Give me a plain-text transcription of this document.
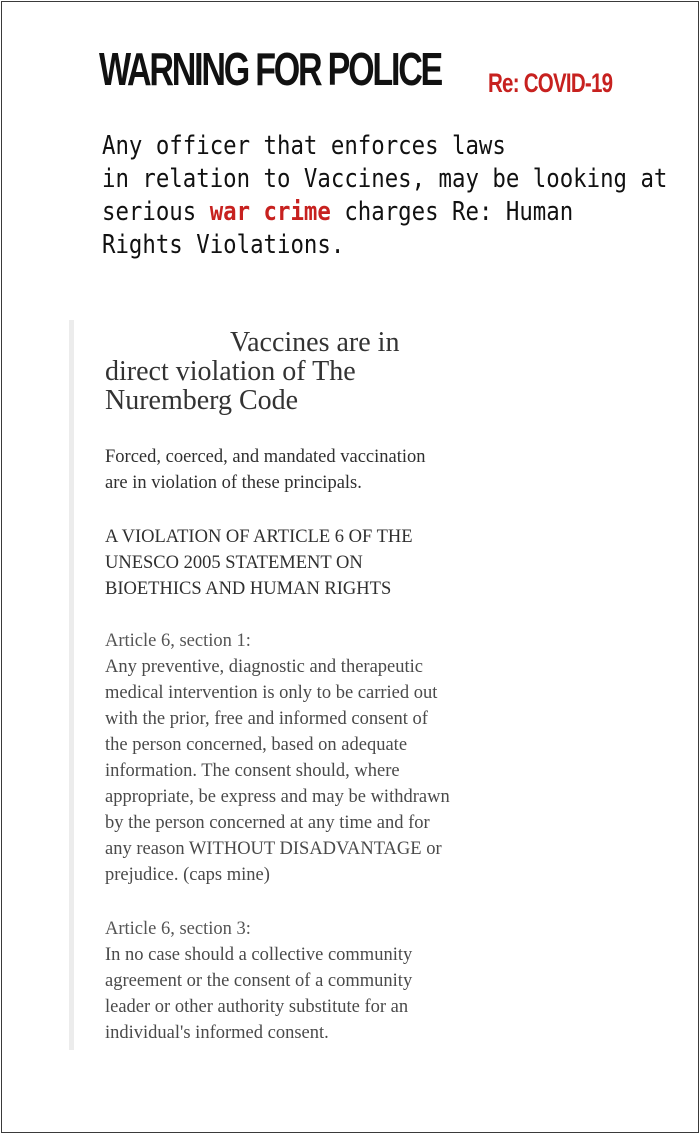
WARNING FOR POLICE Re: COVID-19
Any officer that enforces laws
in relation to Vaccines, may be looking at
serious war crime charges Re: Human
Rights Violations.
Vaccines are in
direct violation of The
Nuremberg Code
Forced, coerced, and mandated vaccination
are in violation of these principals.
A VIOLATION OF ARTICLE 6 OF THE
UNESCO 2005 STATEMENT ON
BIOETHICS AND HUMAN RIGHTS
Article 6, section 1:
Any preventive, diagnostic and therapeutic
medical intervention is only to be carried out
with the prior, free and informed consent of
the person concerned, based on adequate
information. The consent should, where
appropriate, be express and may be withdrawn
by the person concerned at any time and for
any reason WITHOUT DISADVANTAGE or
prejudice. (caps mine)
Article 6, section 3:
In no case should a collective community
agreement or the consent of a community
leader or other authority substitute for an
individual's informed consent.
